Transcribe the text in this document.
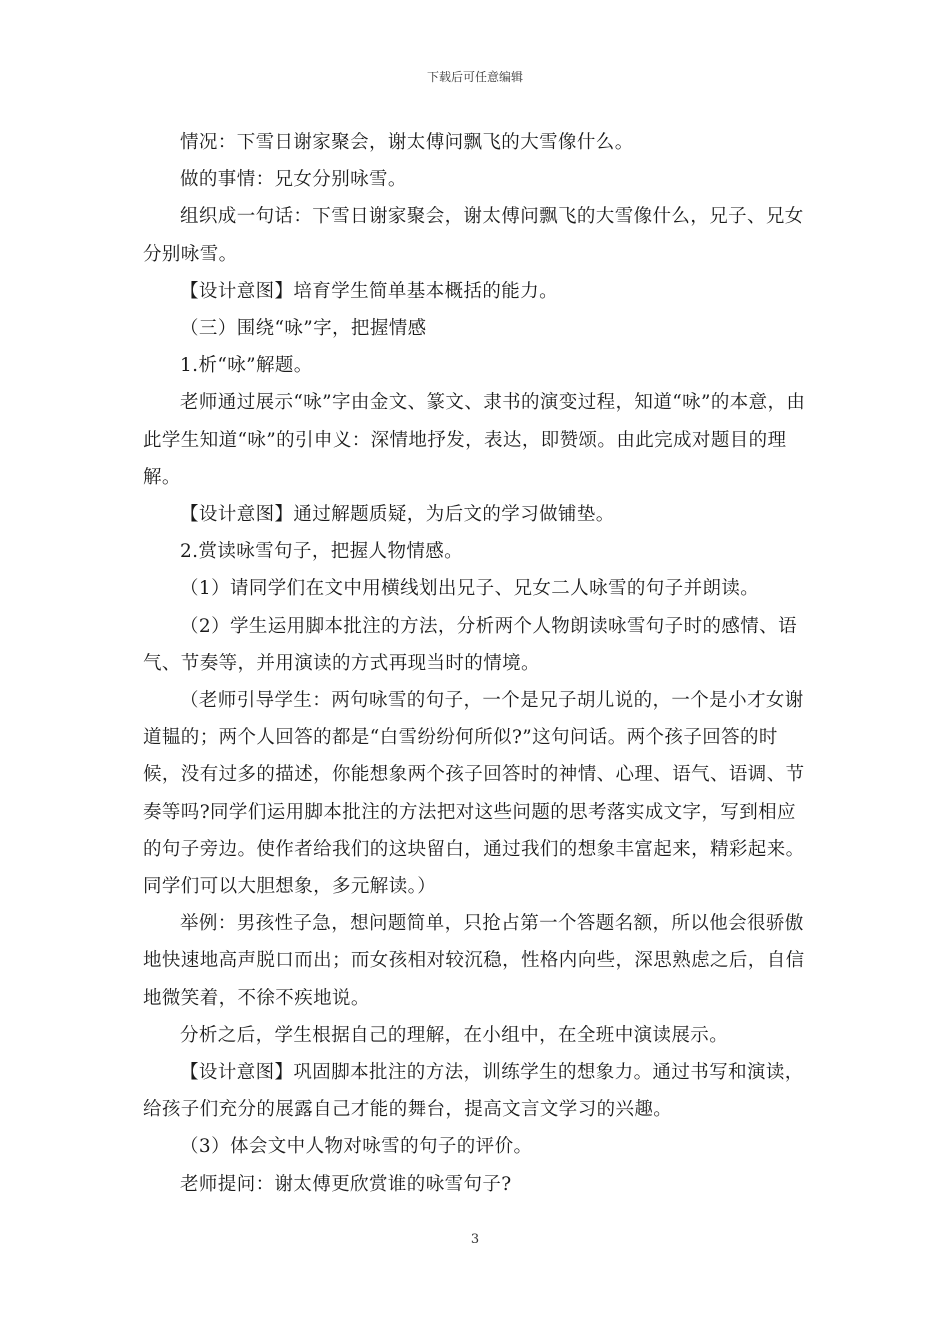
下载后可任意编辑

情况：下雪日谢家聚会，谢太傅问飘飞的大雪像什么。

做的事情：兄女分别咏雪。

组织成一句话：下雪日谢家聚会，谢太傅问飘飞的大雪像什么，兄子、兄女分别咏雪。

【设计意图】培育学生简单基本概括的能力。

（三）围绕“咏”字，把握情感

1.析“咏”解题。

老师通过展示“咏”字由金文、篆文、隶书的演变过程，知道“咏”的本意，由此学生知道“咏”的引申义：深情地抒发，表达，即赞颂。由此完成对题目的理解。

【设计意图】通过解题质疑，为后文的学习做铺垫。

2.赏读咏雪句子，把握人物情感。

（1）请同学们在文中用横线划出兄子、兄女二人咏雪的句子并朗读。

（2）学生运用脚本批注的方法，分析两个人物朗读咏雪句子时的感情、语气、节奏等，并用演读的方式再现当时的情境。

（老师引导学生：两句咏雪的句子，一个是兄子胡儿说的，一个是小才女谢道韫的；两个人回答的都是“白雪纷纷何所似?”这句问话。两个孩子回答的时候，没有过多的描述，你能想象两个孩子回答时的神情、心理、语气、语调、节奏等吗?同学们运用脚本批注的方法把对这些问题的思考落实成文字，写到相应的句子旁边。使作者给我们的这块留白，通过我们的想象丰富起来，精彩起来。同学们可以大胆想象，多元解读。）

举例：男孩性子急，想问题简单，只抢占第一个答题名额，所以他会很骄傲地快速地高声脱口而出；而女孩相对较沉稳，性格内向些，深思熟虑之后，自信地微笑着，不徐不疾地说。

分析之后，学生根据自己的理解，在小组中，在全班中演读展示。

【设计意图】巩固脚本批注的方法，训练学生的想象力。通过书写和演读，给孩子们充分的展露自己才能的舞台，提高文言文学习的兴趣。

（3）体会文中人物对咏雪的句子的评价。

老师提问：谢太傅更欣赏谁的咏雪句子?

3
